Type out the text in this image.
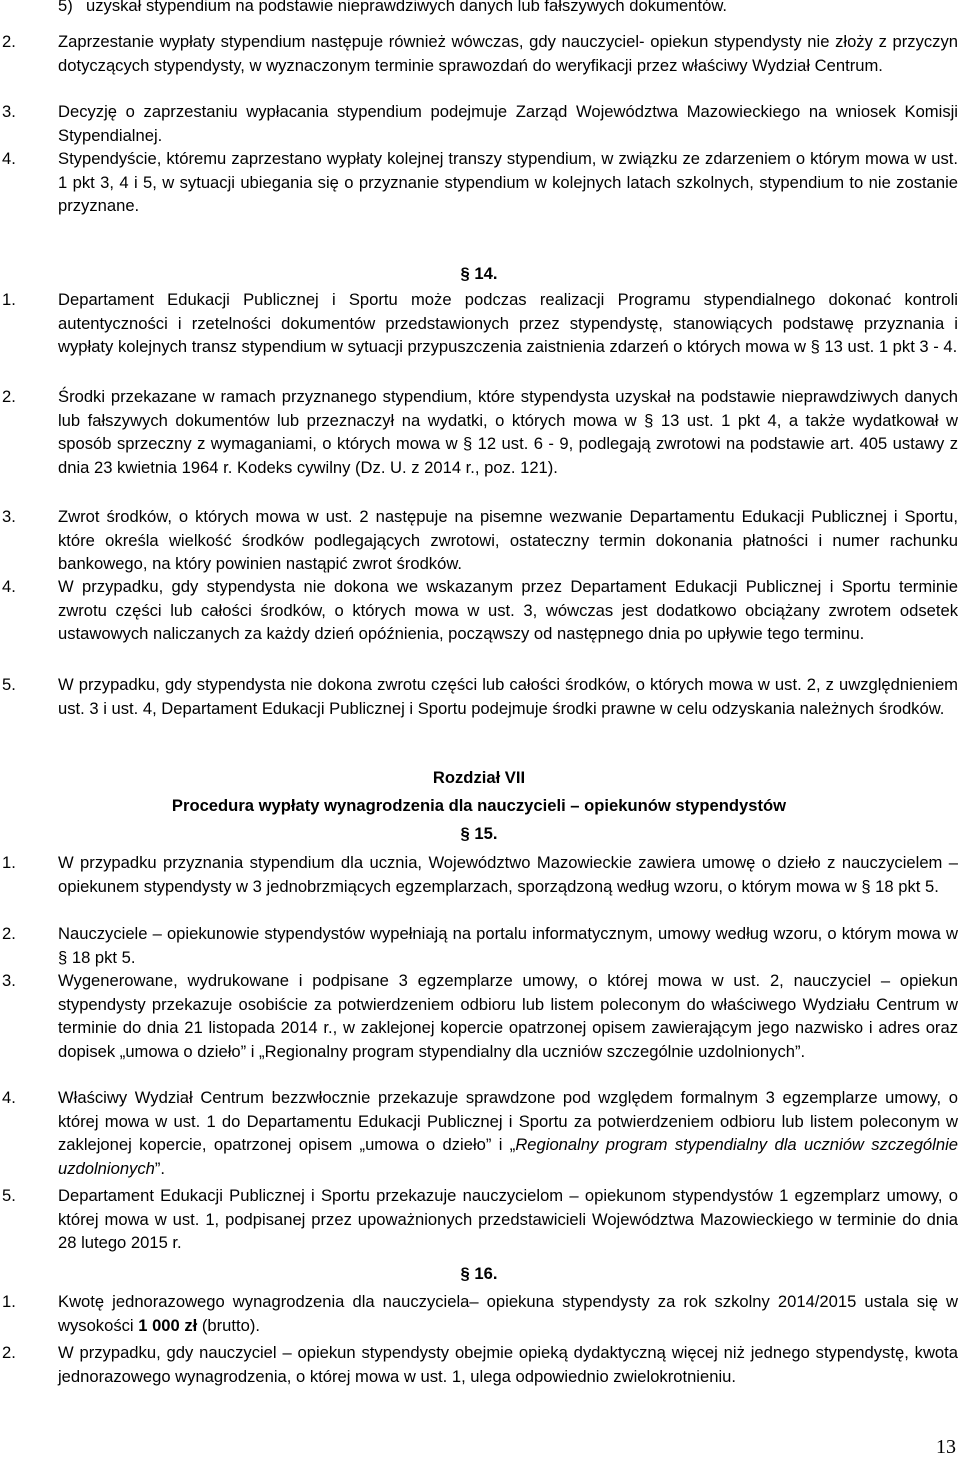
5) uzyskał stypendium na podstawie nieprawdziwych danych lub fałszywych dokumentów.
2.	Zaprzestanie wypłaty stypendium następuje również wówczas, gdy nauczyciel- opiekun stypendysty nie złoży z przyczyn dotyczących stypendysty, w wyznaczonym terminie sprawozdań do weryfikacji przez właściwy Wydział Centrum.
3.	Decyzję o zaprzestaniu wypłacania stypendium podejmuje Zarząd Województwa Mazowieckiego na wniosek Komisji Stypendialnej.
4.	Stypendyście, któremu zaprzestano wypłaty kolejnej transzy stypendium, w związku ze zdarzeniem o którym mowa w ust. 1 pkt 3, 4 i 5, w sytuacji ubiegania się o przyznanie stypendium w kolejnych latach szkolnych, stypendium to nie zostanie przyznane.
§ 14.
1.	Departament Edukacji Publicznej i Sportu może podczas realizacji Programu stypendialnego dokonać kontroli autentyczności i rzetelności dokumentów przedstawionych przez stypendystę, stanowiących podstawę przyznania i wypłaty kolejnych transz stypendium w sytuacji przypuszczenia zaistnienia zdarzeń o których mowa w § 13 ust. 1 pkt 3 - 4.
2.	Środki przekazane w ramach przyznanego stypendium, które stypendysta uzyskał na podstawie nieprawdziwych danych lub fałszywych dokumentów lub przeznaczył na wydatki, o których mowa w § 13 ust. 1 pkt 4, a także wydatkował w sposób sprzeczny z wymaganiami, o których mowa w § 12 ust. 6 - 9, podlegają zwrotowi na podstawie art. 405 ustawy z dnia 23 kwietnia 1964 r. Kodeks cywilny (Dz. U. z 2014 r., poz. 121).
3.	Zwrot środków, o których mowa w ust. 2 następuje na pisemne wezwanie Departamentu Edukacji Publicznej i Sportu, które określa wielkość środków podlegających zwrotowi, ostateczny termin dokonania płatności i numer rachunku bankowego, na który powinien nastąpić zwrot środków.
4.	W przypadku, gdy stypendysta nie dokona we wskazanym przez Departament Edukacji Publicznej i Sportu terminie zwrotu części lub całości środków, o których mowa w ust. 3, wówczas jest dodatkowo obciążany zwrotem odsetek ustawowych naliczanych za każdy dzień opóźnienia, począwszy od następnego dnia po upływie tego terminu.
5.	W przypadku, gdy stypendysta nie dokona zwrotu części lub całości środków, o których mowa w ust. 2, z uwzględnieniem ust. 3 i ust. 4, Departament Edukacji Publicznej i Sportu podejmuje środki prawne w celu odzyskania należnych środków.
Rozdział VII
Procedura wypłaty wynagrodzenia dla nauczycieli – opiekunów stypendystów
§ 15.
1.	W przypadku przyznania stypendium dla ucznia, Województwo Mazowieckie zawiera umowę o dzieło z nauczycielem – opiekunem stypendysty w 3 jednobrzmiących egzemplarzach, sporządzoną według wzoru, o którym mowa w § 18 pkt 5.
2.	Nauczyciele – opiekunowie stypendystów wypełniają na portalu informatycznym, umowy według wzoru, o którym mowa w § 18 pkt 5.
3.	Wygenerowane, wydrukowane i podpisane 3 egzemplarze umowy, o której mowa w ust. 2, nauczyciel – opiekun stypendysty przekazuje osobiście za potwierdzeniem odbioru lub listem poleconym do właściwego Wydziału Centrum w terminie do dnia 21 listopada 2014 r., w zaklejonej kopercie opatrzonej opisem zawierającym jego nazwisko i adres oraz dopisek „umowa o dzieło” i „Regionalny program stypendialny dla uczniów szczególnie uzdolnionych”.
4.	Właściwy Wydział Centrum bezzwłocznie przekazuje sprawdzone pod względem formalnym 3 egzemplarze umowy, o której mowa w ust. 1 do Departamentu Edukacji Publicznej i Sportu za potwierdzeniem odbioru lub listem poleconym w zaklejonej kopercie, opatrzonej opisem „umowa o dzieło” i „Regionalny program stypendialny dla uczniów szczególnie uzdolnionych”.
5.	Departament Edukacji Publicznej i Sportu przekazuje nauczycielom – opiekunom stypendystów 1 egzemplarz umowy, o której mowa w ust. 1, podpisanej przez upoważnionych przedstawicieli Województwa Mazowieckiego w terminie do dnia 28 lutego 2015 r.
§ 16.
1.	Kwotę jednorazowego wynagrodzenia dla nauczyciela– opiekuna stypendysty za rok szkolny 2014/2015 ustala się w wysokości 1 000 zł (brutto).
2.	W przypadku, gdy nauczyciel – opiekun stypendysty obejmie opieką dydaktyczną więcej niż jednego stypendystę, kwota jednorazowego wynagrodzenia, o której mowa w ust. 1, ulega odpowiednio zwielokrotnieniu.
13
